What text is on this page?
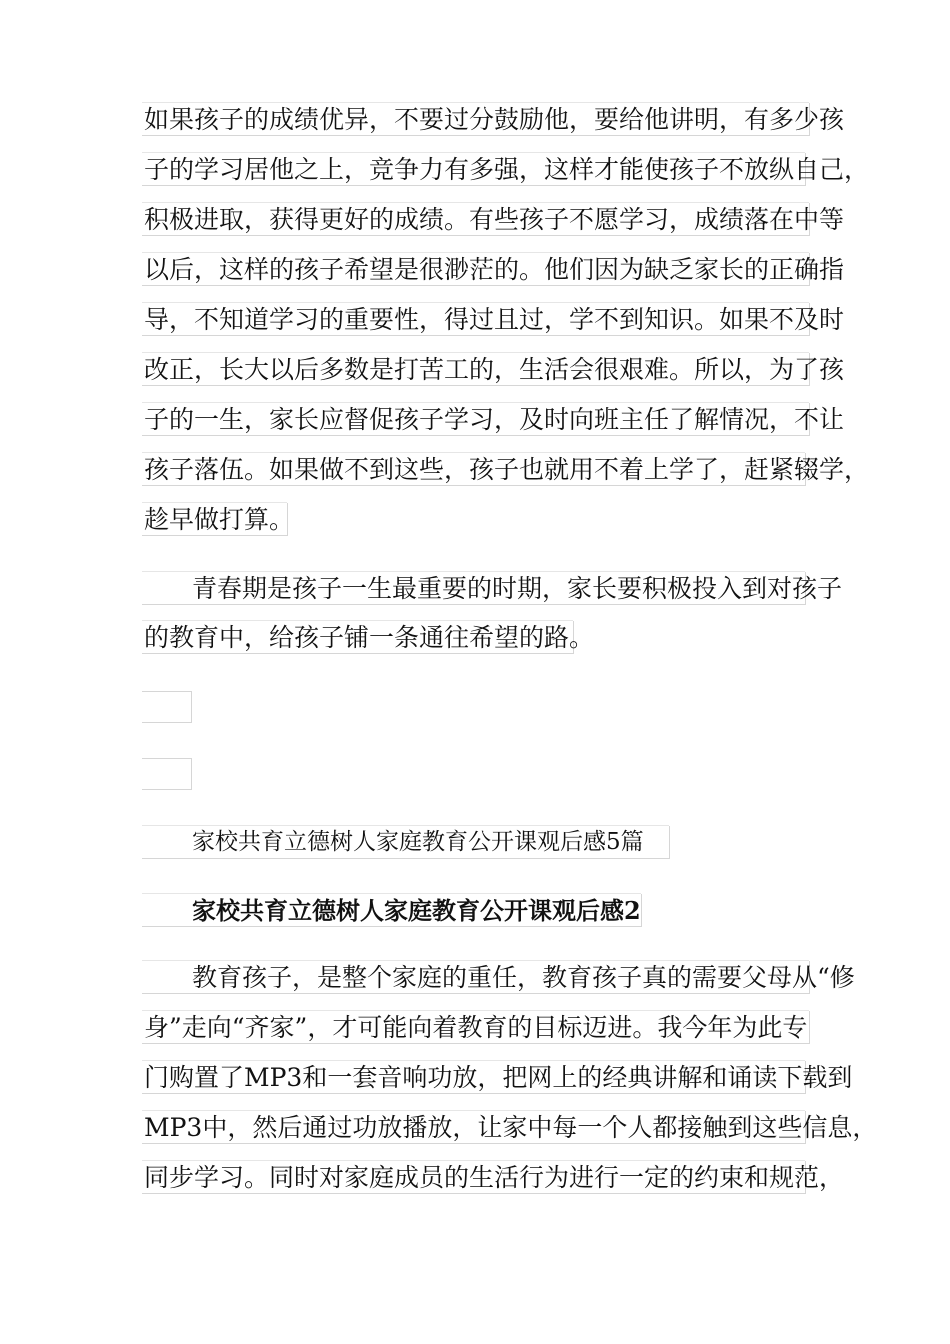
如果孩子的成绩优异，不要过分鼓励他，要给他讲明，有多少孩
子的学习居他之上，竞争力有多强，这样才能使孩子不放纵自己，
积极进取，获得更好的成绩。有些孩子不愿学习，成绩落在中等
以后，这样的孩子希望是很渺茫的。他们因为缺乏家长的正确指
导，不知道学习的重要性，得过且过，学不到知识。如果不及时
改正，长大以后多数是打苦工的，生活会很艰难。所以，为了孩
子的一生，家长应督促孩子学习，及时向班主任了解情况，不让
孩子落伍。如果做不到这些，孩子也就用不着上学了，赶紧辍学，
趁早做打算。
青春期是孩子一生最重要的时期，家长要积极投入到对孩子
的教育中，给孩子铺一条通往希望的路。
家校共育立德树人家庭教育公开课观后感5篇
家校共育立德树人家庭教育公开课观后感2
教育孩子，是整个家庭的重任，教育孩子真的需要父母从“修
身”走向“齐家”，才可能向着教育的目标迈进。我今年为此专
门购置了MP3和一套音响功放，把网上的经典讲解和诵读下载到
MP3中，然后通过功放播放，让家中每一个人都接触到这些信息，
同步学习。同时对家庭成员的生活行为进行一定的约束和规范，
